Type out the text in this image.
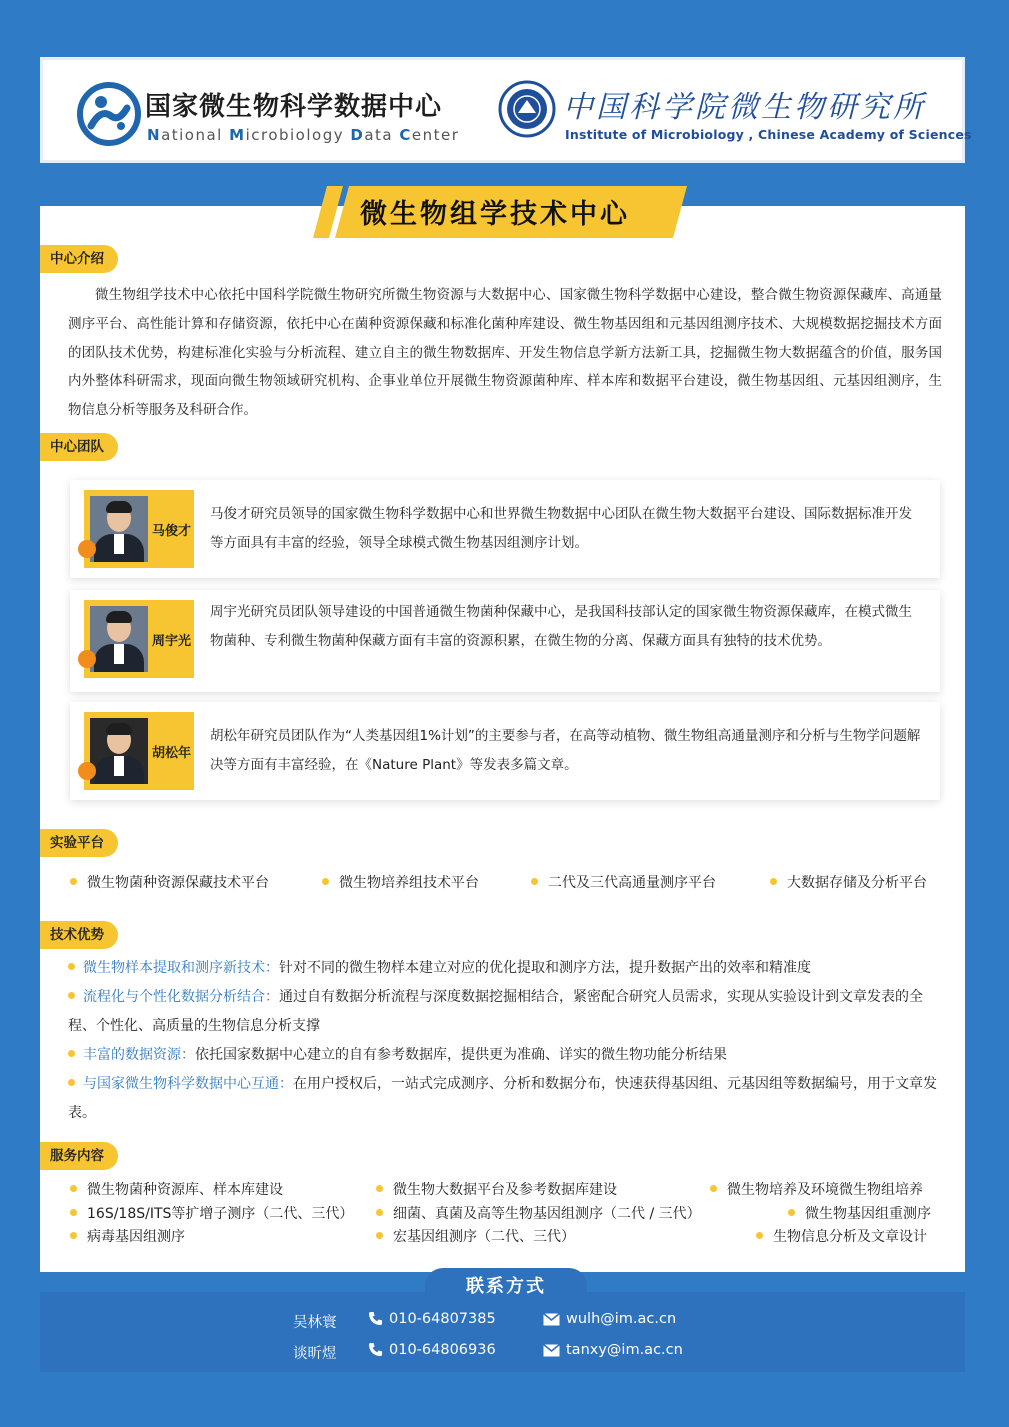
国家微生物科学数据中心
National Microbiology Data Center
中国科学院微生物研究所
Institute of Microbiology , Chinese Academy of Sciences
微生物组学技术中心
中心介绍
微生物组学技术中心依托中国科学院微生物研究所微生物资源与大数据中心、国家微生物科学数据中心建设，整合微生物资源保藏库、高通量测序平台、高性能计算和存储资源，依托中心在菌种资源保藏和标准化菌种库建设、微生物基因组和元基因组测序技术、大规模数据挖掘技术方面的团队技术优势，构建标准化实验与分析流程、建立自主的微生物数据库、开发生物信息学新方法新工具，挖掘微生物大数据蕴含的价值，服务国内外整体科研需求，现面向微生物领域研究机构、企事业单位开展微生物资源菌种库、样本库和数据平台建设，微生物基因组、元基因组测序，生物信息分析等服务及科研合作。
中心团队
马俊才
马俊才研究员领导的国家微生物科学数据中心和世界微生物数据中心团队在微生物大数据平台建设、国际数据标准开发等方面具有丰富的经验，领导全球模式微生物基因组测序计划。
周宇光
周宇光研究员团队领导建设的中国普通微生物菌种保藏中心，是我国科技部认定的国家微生物资源保藏库，在模式微生物菌种、专利微生物菌种保藏方面有丰富的资源积累，在微生物的分离、保藏方面具有独特的技术优势。
胡松年
胡松年研究员团队作为“人类基因组1%计划”的主要参与者，在高等动植物、微生物组高通量测序和分析与生物学问题解决等方面有丰富经验，在《Nature Plant》等发表多篇文章。
实验平台
微生物菌种资源保藏技术平台	微生物培养组技术平台	二代及三代高通量测序平台	大数据存储及分析平台
技术优势
微生物样本提取和测序新技术：针对不同的微生物样本建立对应的优化提取和测序方法，提升数据产出的效率和精准度
流程化与个性化数据分析结合：通过自有数据分析流程与深度数据挖掘相结合，紧密配合研究人员需求，实现从实验设计到文章发表的全程、个性化、高质量的生物信息分析支撑
丰富的数据资源：依托国家数据中心建立的自有参考数据库，提供更为准确、详实的微生物功能分析结果
与国家微生物科学数据中心互通：在用户授权后，一站式完成测序、分析和数据分布，快速获得基因组、元基因组等数据编号，用于文章发表。
服务内容
微生物菌种资源库、样本库建设	微生物大数据平台及参考数据库建设	微生物培养及环境微生物组培养
16S/18S/ITS等扩增子测序（二代、三代）	细菌、真菌及高等生物基因组测序（二代 / 三代）	微生物基因组重测序
病毒基因组测序	宏基因组测序（二代、三代）	生物信息分析及文章设计
联系方式
吴林寰	010-64807385	wulh@im.ac.cn
谈昕煜	010-64806936	tanxy@im.ac.cn
